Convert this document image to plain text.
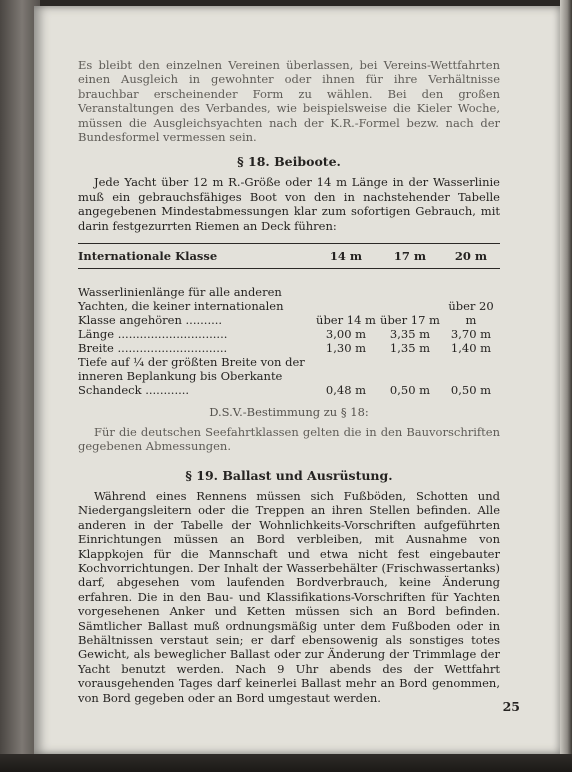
Es bleibt den einzelnen Vereinen überlassen, bei Vereins-Wettfahrten einen Ausgleich in gewohnter oder ihnen für ihre Verhältnisse brauchbar erscheinender Form zu wählen. Bei den großen Veranstaltungen des Verbandes, wie beispielsweise die Kieler Woche, müssen die Ausgleichsyachten nach der K.R.-Formel bezw. nach der Bundesformel vermessen sein.

§ 18. Beiboote.

Jede Yacht über 12 m R.-Größe oder 14 m Länge in der Wasserlinie muß ein gebrauchsfähiges Boot von den in nachstehender Tabelle angegebenen Mindestabmessungen klar zum sofortigen Gebrauch, mit darin festgezurrten Riemen an Deck führen:

Internationale Klasse	14 m	17 m	20 m

Wasserlinienlänge für alle anderen Yachten, die keiner internationalen Klasse angehören ..........	über 14 m	über 17 m	über 20 m
Länge ..............................	3,00 m	3,35 m	3,70 m
Breite ..............................	1,30 m	1,35 m	1,40 m
Tiefe auf ¼ der größten Breite von der inneren Beplankung bis Oberkante Schandeck ............	0,48 m	0,50 m	0,50 m
D.S.V.-Bestimmung zu § 18:

Für die deutschen Seefahrtklassen gelten die in den Bauvorschriften gegebenen Abmessungen.

§ 19. Ballast und Ausrüstung.

Während eines Rennens müssen sich Fußböden, Schotten und Niedergangsleitern oder die Treppen an ihren Stellen befinden. Alle anderen in der Tabelle der Wohnlichkeits-Vorschriften aufgeführten Einrichtungen müssen an Bord verbleiben, mit Ausnahme von Klappkojen für die Mannschaft und etwa nicht fest eingebauter Kochvorrichtungen. Der Inhalt der Wasserbehälter (Frischwassertanks) darf, abgesehen vom laufenden Bordverbrauch, keine Änderung erfahren. Die in den Bau- und Klassifikations-Vorschriften für Yachten vorgesehenen Anker und Ketten müssen sich an Bord befinden. Sämtlicher Ballast muß ordnungsmäßig unter dem Fußboden oder in Behältnissen verstaut sein; er darf ebensowenig als sonstiges totes Gewicht, als beweglicher Ballast oder zur Änderung der Trimmlage der Yacht benutzt werden. Nach 9 Uhr abends des der Wettfahrt vorausgehenden Tages darf keinerlei Ballast mehr an Bord genommen, von Bord gegeben oder an Bord umgestaut werden.

25
